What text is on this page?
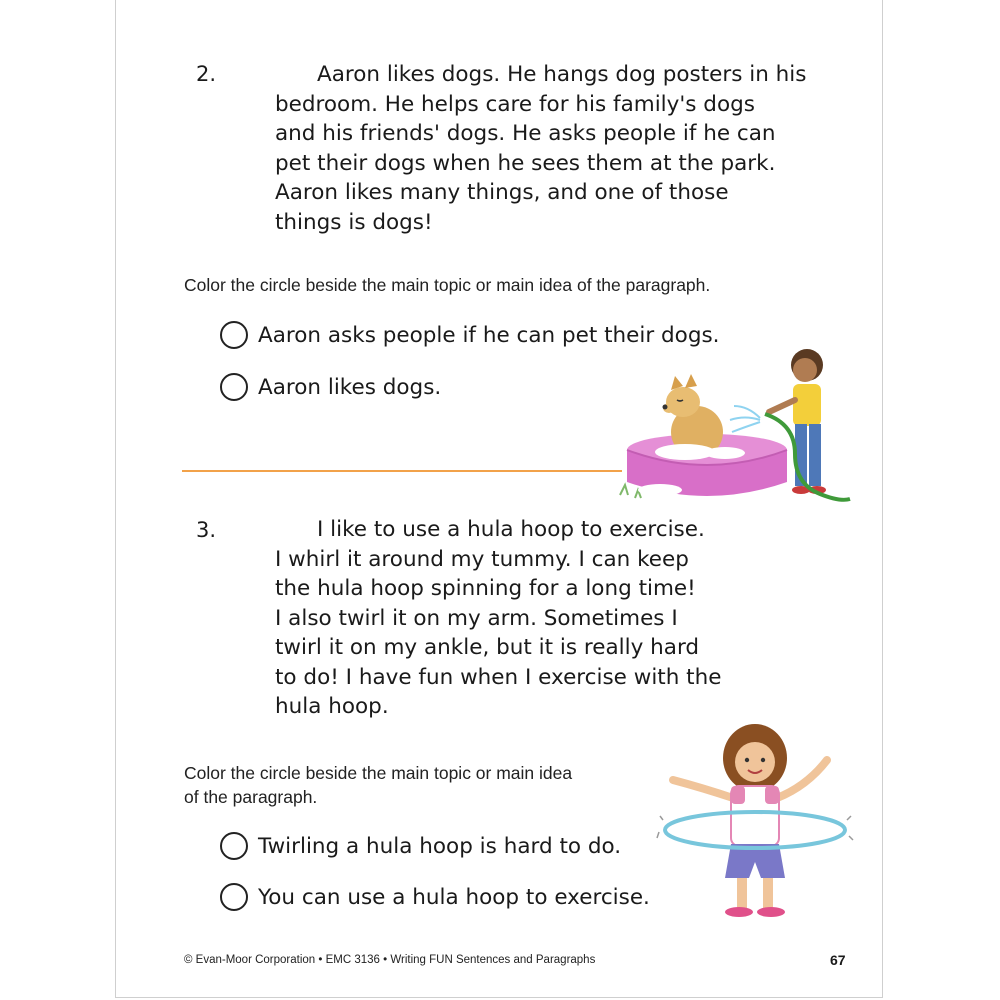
2.	Aaron likes dogs. He hangs dog posters in his
bedroom. He helps care for his family's dogs
and his friends' dogs. He asks people if he can
pet their dogs when he sees them at the park.
Aaron likes many things, and one of those
things is dogs!

Color the circle beside the main topic or main idea of the paragraph.
Aaron asks people if he can pet their dogs.
Aaron likes dogs.
3.	I like to use a hula hoop to exercise.
I whirl it around my tummy. I can keep
the hula hoop spinning for a long time!
I also twirl it on my arm. Sometimes I
twirl it on my ankle, but it is really hard
to do! I have fun when I exercise with the
hula hoop.

Color the circle beside the main topic or main idea
of the paragraph.
Twirling a hula hoop is hard to do.
You can use a hula hoop to exercise.
© Evan-Moor Corporation • EMC 3136 • Writing FUN Sentences and Paragraphs	67
